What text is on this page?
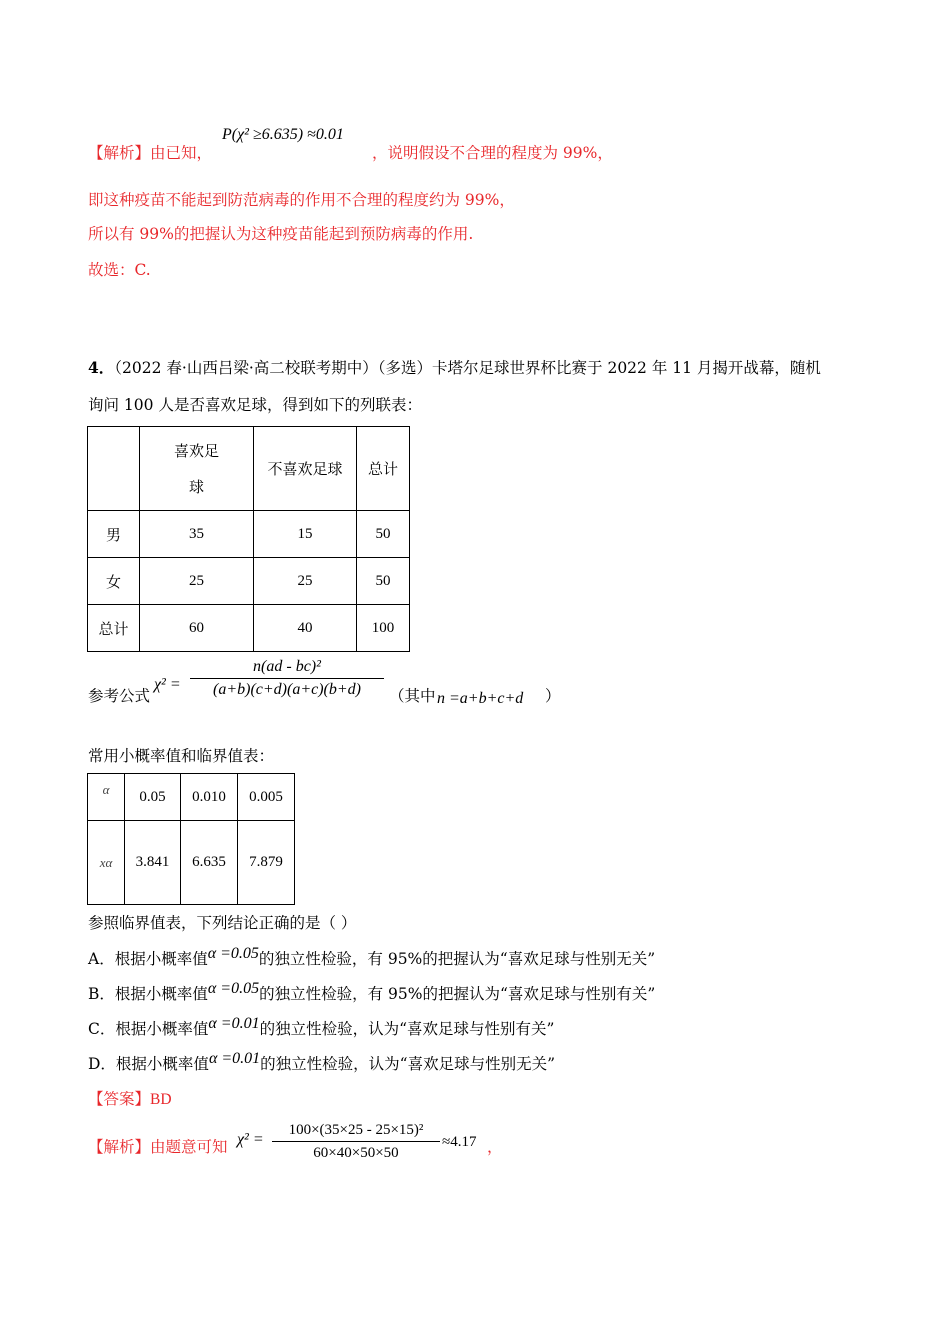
【解析】由已知，
P(χ² ≥6.635) ≈0.01
，说明假设不合理的程度为 99%，
即这种疫苗不能起到防范病毒的作用不合理的程度约为 99%，
所以有 99%的把握认为这种疫苗能起到预防病毒的作用.
故选：C.
4．（2022 春·山西吕梁·高二校联考期中）（多选）卡塔尔足球世界杯比赛于 2022 年 11 月揭开战幕，随机
询问 100 人是否喜欢足球，得到如下的列联表：

	喜欢足球	不喜欢足球	总计
男	35	15	50
女	25	25	50
总计	60	40	100
参考公式
$\chi^2 = \frac{\text{n(ad - bc)²}}{(a+b)(c+d)(a+c)(b+d)}$ （其中 n =a+b+c+d ）
常用小概率值和临界值表：
α	0.05	0.010	0.005
xα	3.841	6.635	7.879
参照临界值表，下列结论正确的是（ ）
A．根据小概率值α =0.05的独立性检验，有 95%的把握认为“喜欢足球与性别无关”
B．根据小概率值α =0.05的独立性检验，有 95%的把握认为“喜欢足球与性别有关”
C．根据小概率值α =0.01的独立性检验，认为“喜欢足球与性别有关”
D．根据小概率值α =0.01的独立性检验，认为“喜欢足球与性别无关”
【答案】BD
【解析】由题意可知 $\chi^2 = \frac{\text{100×(35×25 - 25×15)²}}{60\times 40\times 50\times 50} \approx 4.17$ ，
